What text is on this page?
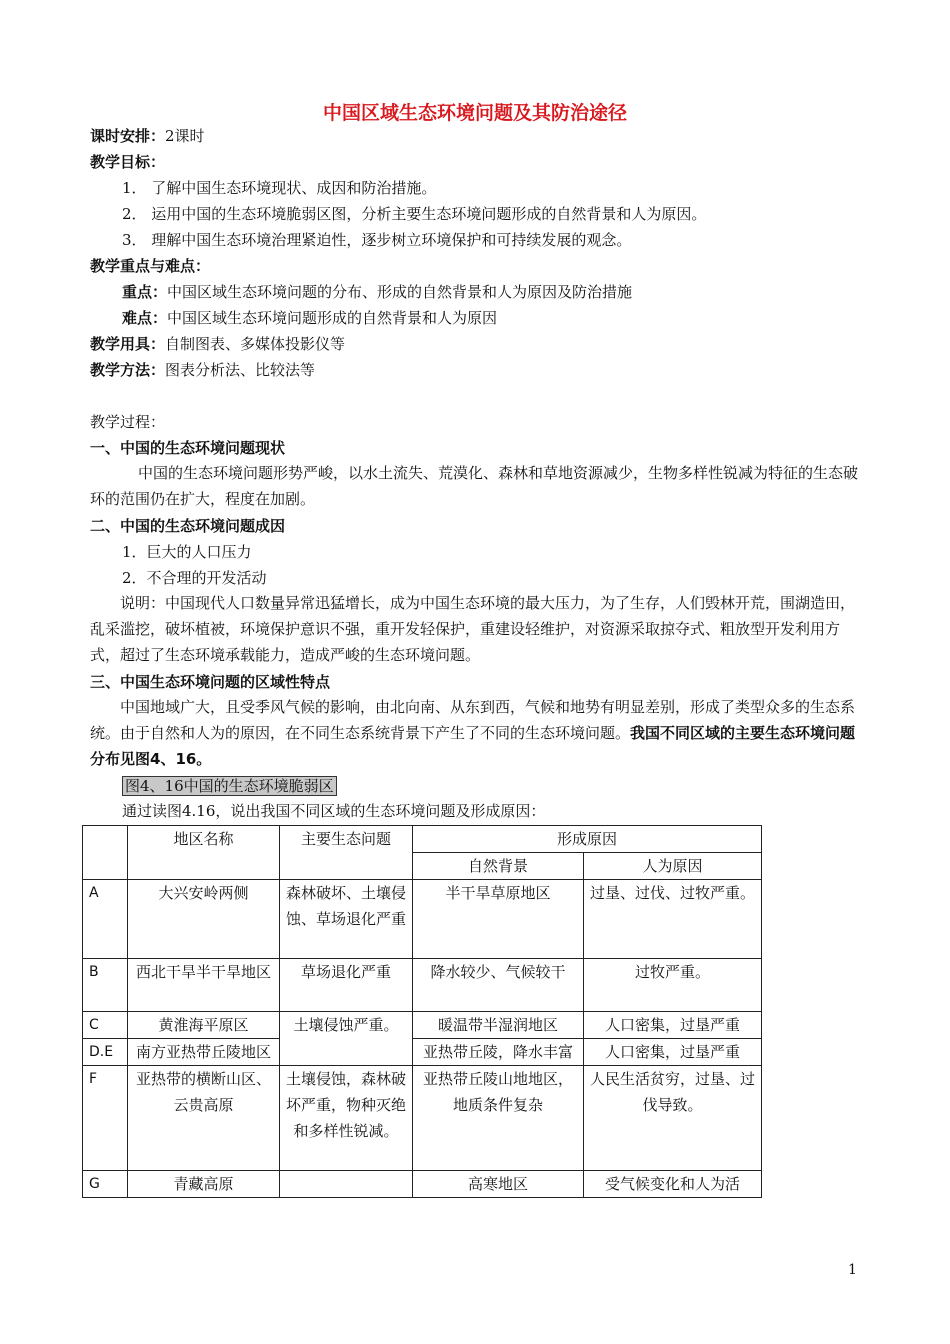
中国区域生态环境问题及其防治途径
课时安排：2课时
教学目标：
1． 了解中国生态环境现状、成因和防治措施。
2． 运用中国的生态环境脆弱区图，分析主要生态环境问题形成的自然背景和人为原因。
3． 理解中国生态环境治理紧迫性，逐步树立环境保护和可持续发展的观念。
教学重点与难点：
重点：中国区域生态环境问题的分布、形成的自然背景和人为原因及防治措施
难点：中国区域生态环境问题形成的自然背景和人为原因
教学用具：自制图表、多媒体投影仪等
教学方法：图表分析法、比较法等
教学过程：
一、中国的生态环境问题现状
中国的生态环境问题形势严峻，以水土流失、荒漠化、森林和草地资源减少，生物多样性锐减为特征的生态破环的范围仍在扩大，程度在加剧。
二、中国的生态环境问题成因
1．巨大的人口压力
2．不合理的开发活动
说明：中国现代人口数量异常迅猛增长，成为中国生态环境的最大压力，为了生存，人们毁林开荒，围湖造田，乱采滥挖，破坏植被，环境保护意识不强，重开发轻保护，重建设轻维护，对资源采取掠夺式、粗放型开发利用方式，超过了生态环境承载能力，造成严峻的生态环境问题。
三、中国生态环境问题的区域性特点
中国地域广大，且受季风气候的影响，由北向南、从东到西，气候和地势有明显差别，形成了类型众多的生态系统。由于自然和人为的原因，在不同生态系统背景下产生了不同的生态环境问题。我国不同区域的主要生态环境问题分布见图4、16。
图4、16中国的生态环境脆弱区
通过读图4.16，说出我国不同区域的生态环境问题及形成原因：
	地区名称	主要生态问题	形成原因	
			自然背景	人为原因
A	大兴安岭两侧	森林破坏、土壤侵蚀、草场退化严重	半干旱草原地区	过垦、过伐、过牧严重。
B	西北干旱半干旱地区	草场退化严重	降水较少、气候较干	过牧严重。
C	黄淮海平原区	土壤侵蚀严重。	暖温带半湿润地区	人口密集，过垦严重
D.E	南方亚热带丘陵地区		亚热带丘陵，降水丰富	人口密集，过垦严重
F	亚热带的横断山区、云贵高原	土壤侵蚀，森林破坏严重，物种灭绝和多样性锐减。	亚热带丘陵山地地区，
地质条件复杂	人民生活贫穷，过垦、过伐导致。
G	青藏高原		高寒地区	受气候变化和人为活
1
